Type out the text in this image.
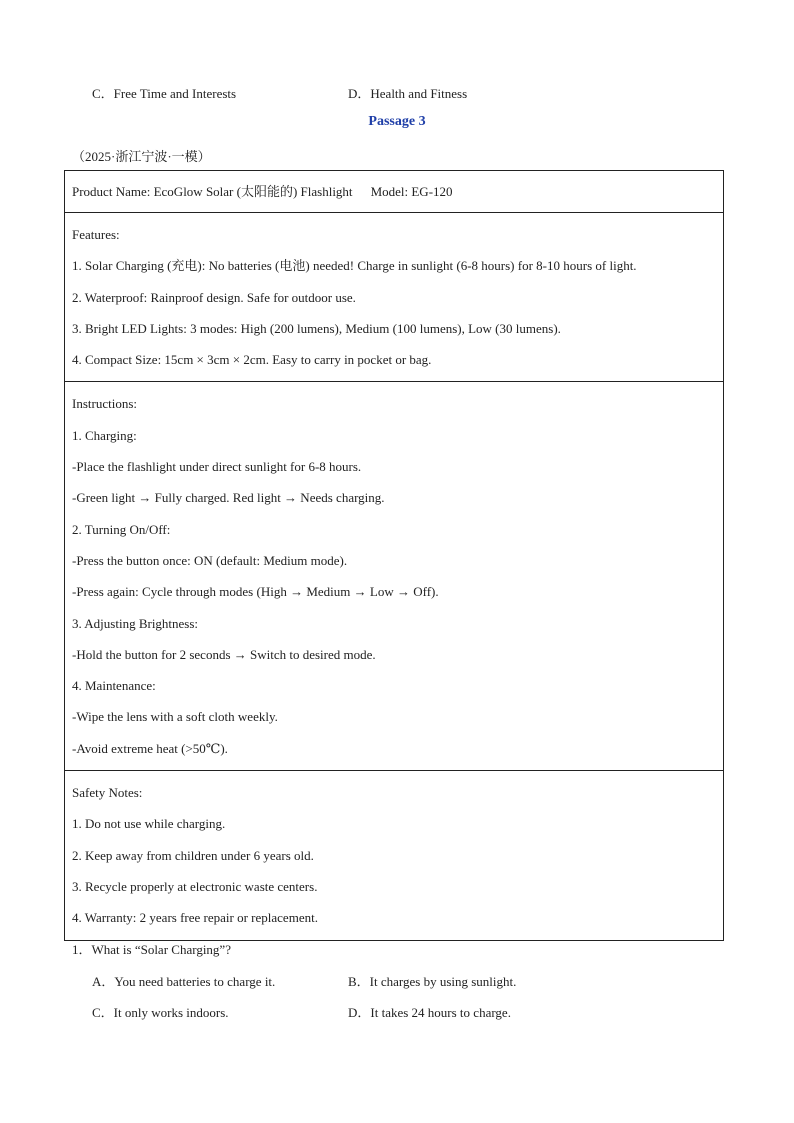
C．Free Time and Interests	D．Health and Fitness
Passage 3
（2025·浙江宁波·一模）
Product Name: EcoGlow Solar (太阳能的) Flashlight Model: EG-120
Features:
1. Solar Charging (充电): No batteries (电池) needed! Charge in sunlight (6-8 hours) for 8-10 hours of light.
2. Waterproof: Rainproof design. Safe for outdoor use.
3. Bright LED Lights: 3 modes: High (200 lumens), Medium (100 lumens), Low (30 lumens).
4. Compact Size: 15cm × 3cm × 2cm. Easy to carry in pocket or bag.
Instructions:
1. Charging:
-Place the flashlight under direct sunlight for 6-8 hours.
-Green light → Fully charged. Red light → Needs charging.
2. Turning On/Off:
-Press the button once: ON (default: Medium mode).
-Press again: Cycle through modes (High → Medium → Low → Off).
3. Adjusting Brightness:
-Hold the button for 2 seconds → Switch to desired mode.
4. Maintenance:
-Wipe the lens with a soft cloth weekly.
-Avoid extreme heat (>50℃).
Safety Notes:
1. Do not use while charging.
2. Keep away from children under 6 years old.
3. Recycle properly at electronic waste centers.
4. Warranty: 2 years free repair or replacement.
1．What is “Solar Charging”?
A．You need batteries to charge it.	B．It charges by using sunlight.
C．It only works indoors.	D．It takes 24 hours to charge.
